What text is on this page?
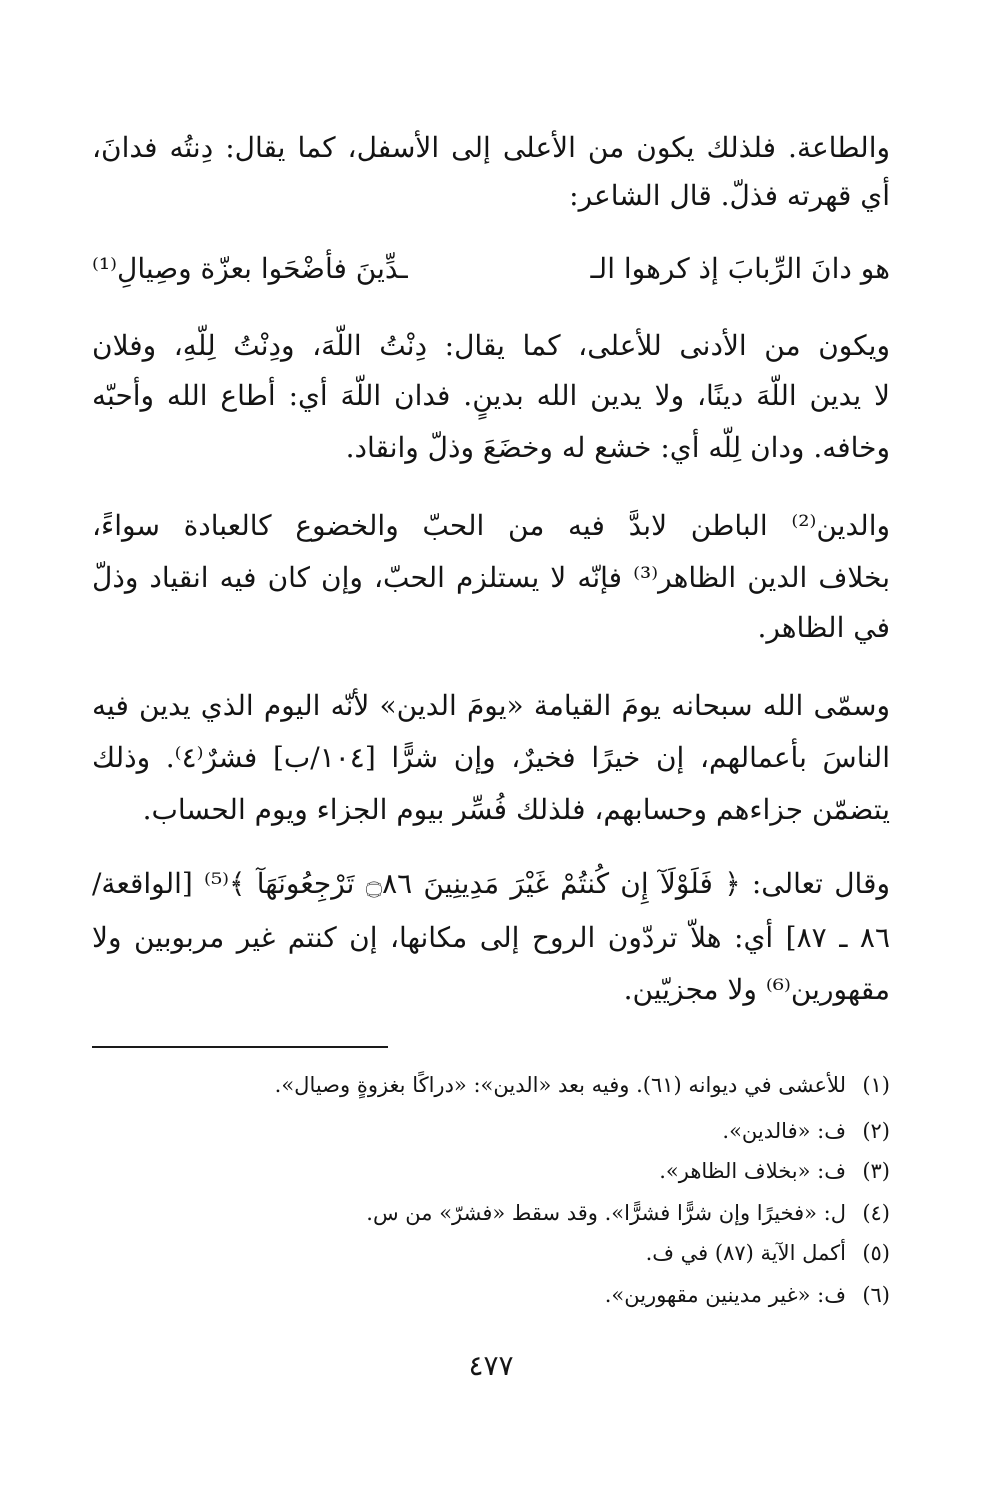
والطاعة. فلذلك يكون من الأعلى إلى الأسفل، كما يقال: دِنتُه فدانَ،
أي قهرته فذلّ. قال الشاعر:
هو دانَ الرِّبابَ إذ كرهوا الـ
ـدِّينَ فأضْحَوا بعزّة وصِيالِ⁽¹⁾
ويكون من الأدنى للأعلى، كما يقال: دِنْتُ اللّهَ، ودِنْتُ لِلّهِ، وفلان
لا يدين اللّهَ دينًا، ولا يدين الله بدينٍ. فدان اللّهَ أي: أطاع الله وأحبّه
وخافه. ودان لِلّه أي: خشع له وخضَعَ وذلّ وانقاد.
والدين⁽²⁾ الباطن لابدَّ فيه من الحبّ والخضوع كالعبادة سواءً،
بخلاف الدين الظاهر⁽³⁾ فإنّه لا يستلزم الحبّ، وإن كان فيه انقياد وذلّ
في الظاهر.
وسمّى الله سبحانه يومَ القيامة «يومَ الدين» لأنّه اليوم الذي يدين فيه
الناسَ بأعمالهم، إن خيرًا فخيرٌ، وإن شرًّا [١٠٤/ب] فشرٌ⁽٤⁾. وذلك
يتضمّن جزاءهم وحسابهم، فلذلك فُسِّر بيوم الجزاء ويوم الحساب.
وقال تعالى: ﴿ فَلَوْلَآ إِن كُنتُمْ غَيْرَ مَدِينِينَ ۝٨٦ تَرْجِعُونَهَآ ﴾⁽⁵⁾ [الواقعة/
٨٦ ـ ٨٧] أي: هلاّ تردّون الروح إلى مكانها، إن كنتم غير مربوبين ولا
مقهورين⁽⁶⁾ ولا مجزيّين.
(١)للأعشى في ديوانه (٦١). وفيه بعد «الدين»: «دراكًا بغزوةٍ وصيال».
(٢)ف: «فالدين».
(٣)ف: «بخلاف الظاهر».
(٤)ل: «فخيرًا وإن شرًّا فشرًّا». وقد سقط «فشرّ» من س.
(٥)أكمل الآية (٨٧) في ف.
(٦)ف: «غير مدينين مقهورين».
٤٧٧
